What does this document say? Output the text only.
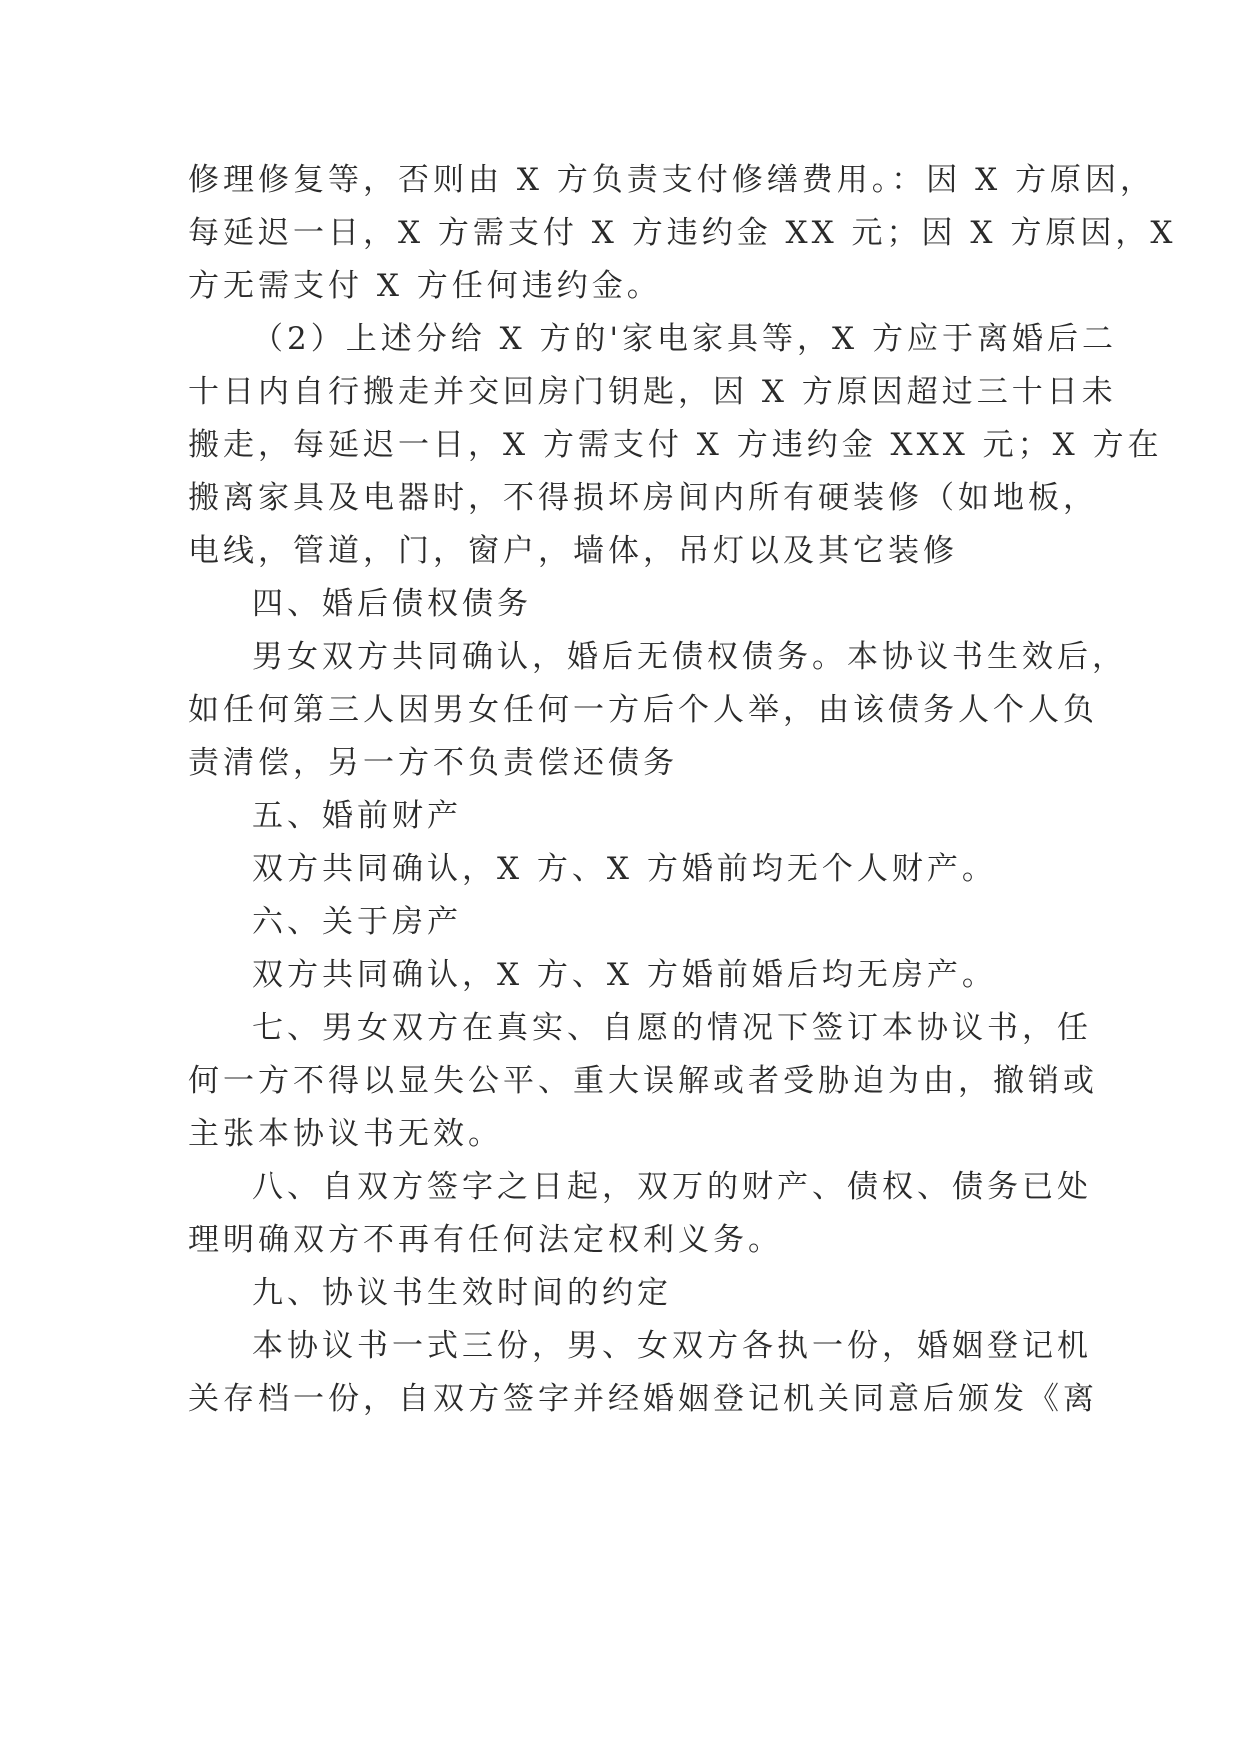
修理修复等，否则由 X 方负责支付修缮费用。：因 X 方原因，
每延迟一日，X 方需支付 X 方违约金 XX 元；因 X 方原因，X
方无需支付 X 方任何违约金。
（2）上述分给 X 方的'家电家具等，X 方应于离婚后二
十日内自行搬走并交回房门钥匙，因 X 方原因超过三十日未
搬走，每延迟一日，X 方需支付 X 方违约金 XXX 元；X 方在
搬离家具及电器时，不得损坏房间内所有硬装修（如地板，
电线，管道，门，窗户，墙体，吊灯以及其它装修
四、婚后债权债务
男女双方共同确认，婚后无债权债务。本协议书生效后，
如任何第三人因男女任何一方后个人举，由该债务人个人负
责清偿，另一方不负责偿还债务
五、婚前财产
双方共同确认，X 方、X 方婚前均无个人财产。
六、关于房产
双方共同确认，X 方、X 方婚前婚后均无房产。
七、男女双方在真实、自愿的情况下签订本协议书，任
何一方不得以显失公平、重大误解或者受胁迫为由，撤销或
主张本协议书无效。
八、自双方签字之日起，双万的财产、债权、债务已处
理明确双方不再有任何法定权利义务。
九、协议书生效时间的约定
本协议书一式三份，男、女双方各执一份，婚姻登记机
关存档一份，自双方签字并经婚姻登记机关同意后颁发《离
